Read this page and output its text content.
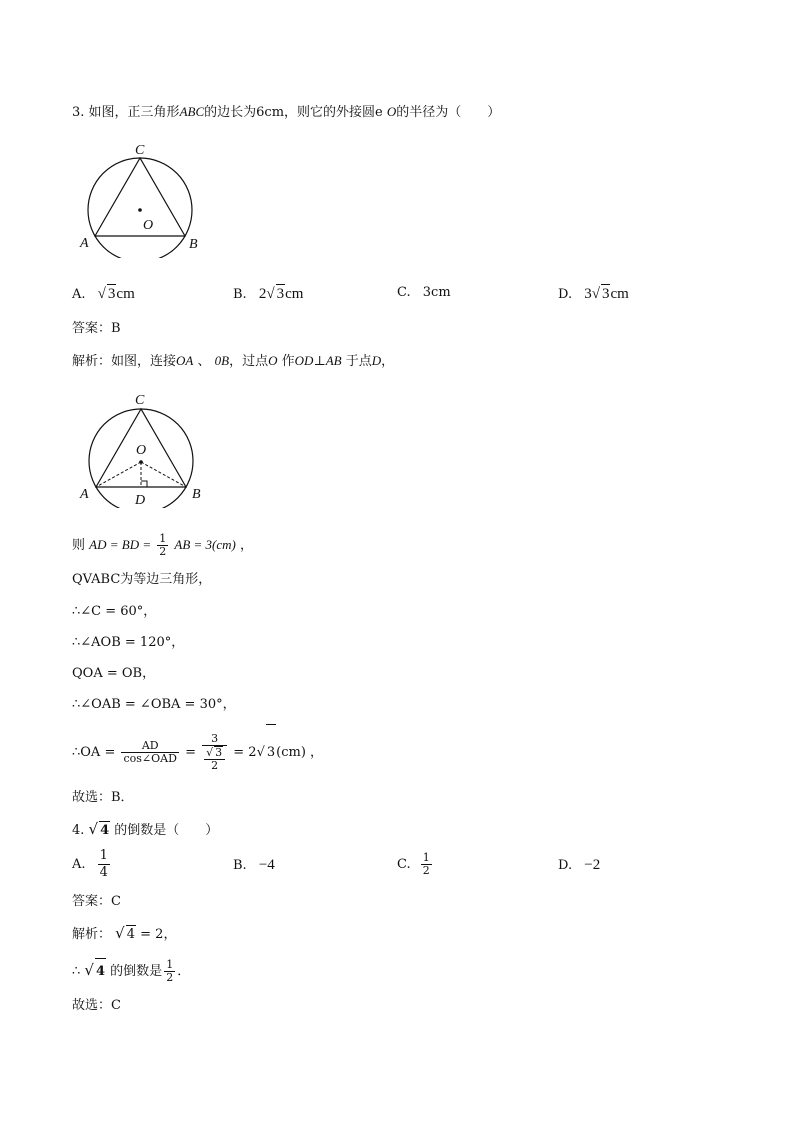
3. 如图，正三角形ABC的边长为6cm，则它的外接圆e O的半径为（　　）
C
O
A	B
A. √ 3cm	B. 2√ 3cm	C. 3cm	D. 3√ 3cm
答案：B
解析：如图，连接OA 、 0B，过点O 作OD⊥AB 于点D，
C
O
A	B
D
则 AD = BD = $\frac{1}{2}$ AB = 3(cm) ，
QVABC为等边三角形，
∴∠C = 60°，
∴∠AOB = 120°，
QOA = OB，
∴∠OAB = ∠OBA = 30°，
∴OA = $\frac{AD}{\text{cos∠OAD}} = \frac{3}{\frac{√ 3}{2}} = 2√$ 3(cm) ，
故选：B．
4. √ 4 的倒数是（　　）
A. $\frac{1}{4}$	B. −4	C. $\frac{1}{2}$	D. −2
答案：C
解析： √ 4 = 2，
∴ √ 4 的倒数是 $\frac{1}{2}$ ．
故选：C
